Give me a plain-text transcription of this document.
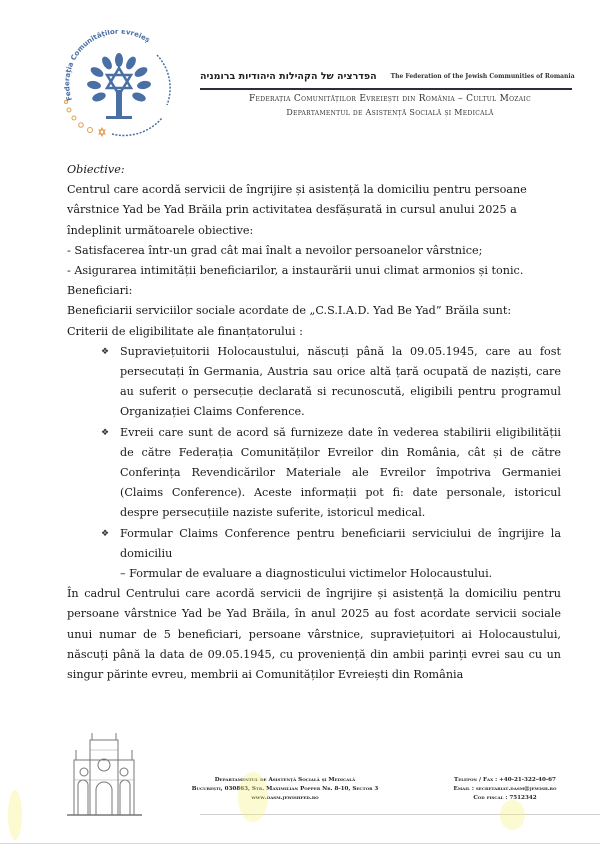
Federația Comunităților Evreieș
הפדרציה של הקהילות היהודיות ברומניה The Federation of the Jewish Communities of Romania
Federația Comunităților Evreiești din România – Cultul Mozaic
Departamentul de Asistență Socială și Medicală

Obiective:

Centrul care acordă servicii de îngrijire și asistență la domiciliu pentru persoane vârstnice Yad be Yad Brăila prin activitatea desfășurată in cursul anului 2025 a îndeplinit următoarele obiective:

- Satisfacerea într-un grad cât mai înalt a nevoilor persoanelor vârstnice;

- Asigurarea intimității beneficiarilor, a instaurării unui climat armonios și tonic.

Beneficiari:

Beneficiarii serviciilor sociale acordate de „C.S.I.A.D. Yad Be Yad” Brăila sunt:

Criterii de eligibilitate ale finanțatorului :

❖ Supraviețuitorii Holocaustului, născuți până la 09.05.1945, care au fost persecutați în Germania, Austria sau orice altă țară ocupată de naziști, care au suferit o persecuție declarată si recunoscută, eligibili pentru programul Organizației Claims Conference.
❖ Evreii care sunt de acord să furnizeze date în vederea stabilirii eligibilității de către Federația Comunităților Evreilor din România, cât și de către Conferința Revendicărilor Materiale ale Evreilor împotriva Germaniei (Claims Conference). Aceste informații pot fi: date personale, istoricul despre persecuțiile naziste suferite, istoricul medical.
❖ Formular Claims Conference pentru beneficiarii serviciului de îngrijire la domiciliu

– Formular de evaluare a diagnosticului victimelor Holocaustului.

În cadrul Centrului care acordă servicii de îngrijire și asistență la domiciliu pentru persoane vârstnice Yad be Yad Brăila, în anul 2025 au fost acordate servicii sociale unui numar de 5 beneficiari, persoane vârstnice, supraviețuitori ai Holocaustului, născuți până la data de 09.05.1945, cu proveniență din ambii parinți evrei sau cu un singur părinte evreu, membrii ai Comunităților Evreiești din România

Departamentul de Asistență Socială și Medicală
București, 030863, Str. Maximilian Popper Nr. 8-10, Sector 3
www.dasm.jewishfed.ro
Telefon / Fax : +40-21-322-40-67
Email : secretariat.dasm@jewish.ro
Cod fiscal : 7512342
